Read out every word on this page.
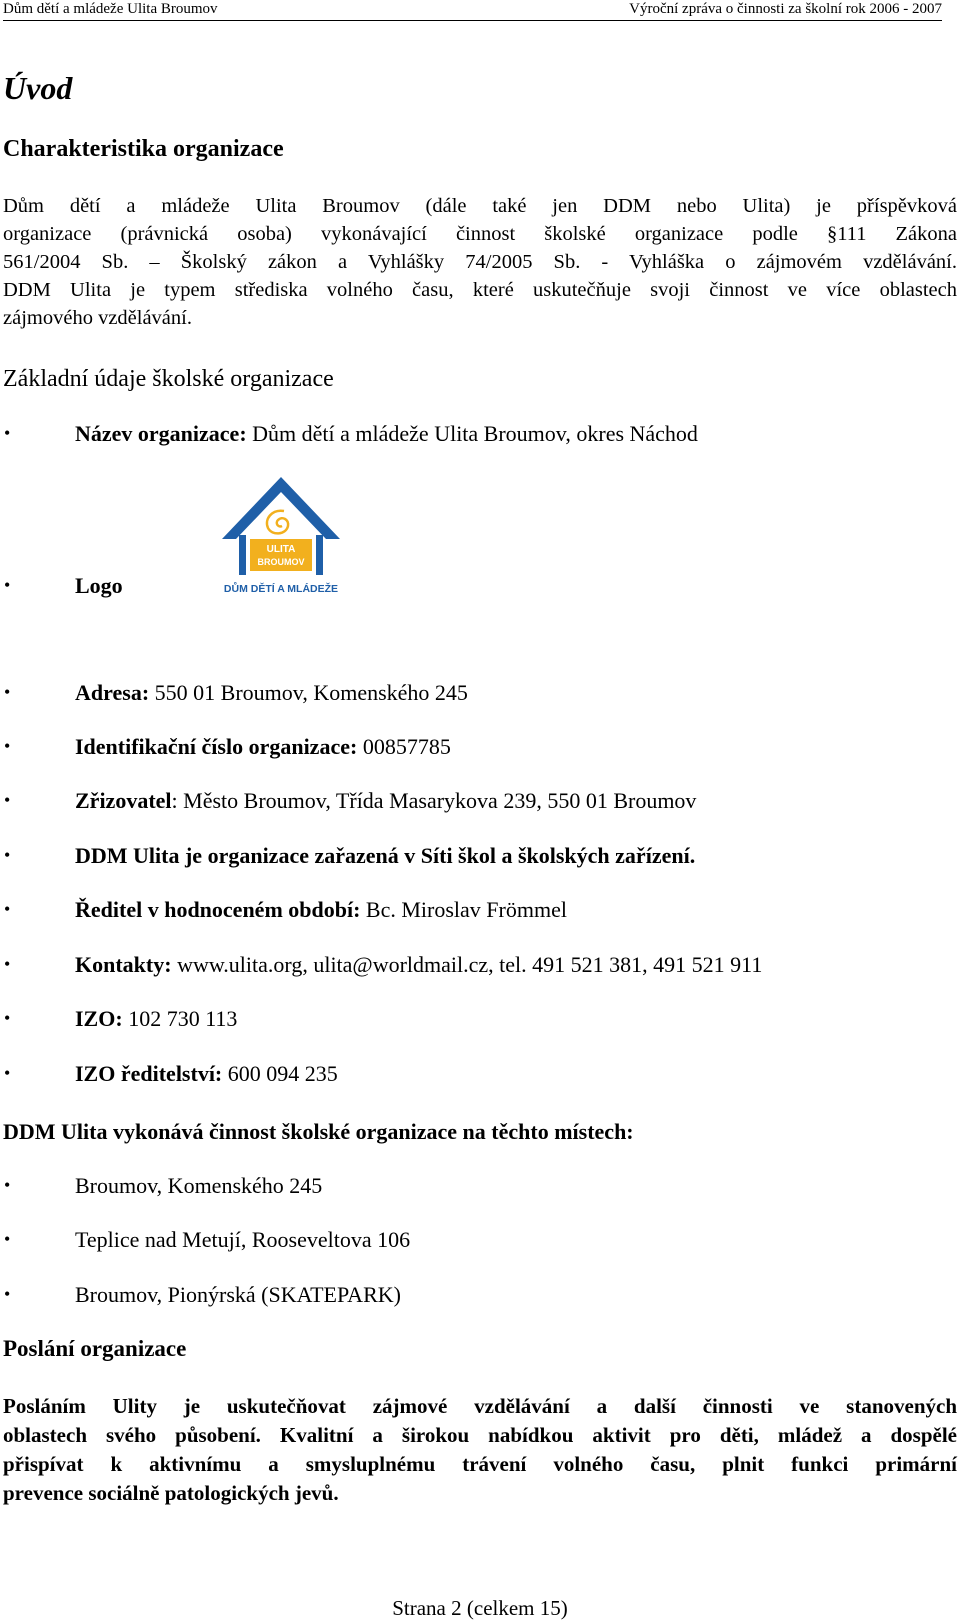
Dům dětí a mládeže Ulita Broumov	Výroční zpráva o činnosti za školní rok 2006 - 2007
Úvod
Charakteristika organizace

Dům dětí a mládeže Ulita Broumov (dále také jen DDM nebo Ulita) je příspěvková
organizace (právnická osoba) vykonávající činnost školské organizace podle §111 Zákona
561/2004 Sb. – Školský zákon a Vyhlášky 74/2005 Sb. - Vyhláška o zájmovém vzdělávání.
DDM Ulita je typem střediska volného času, které uskutečňuje svoji činnost ve více oblastech
zájmového vzdělávání.

Základní údaje školské organizace
•	Název organizace: Dům dětí a mládeže Ulita Broumov, okres Náchod
•	Logo
•	Adresa: 550 01 Broumov, Komenského 245
•	Identifikační číslo organizace: 00857785
•	Zřizovatel: Město Broumov, Třída Masarykova 239, 550 01 Broumov
•	DDM Ulita je organizace zařazená v Síti škol a školských zařízení.
•	Ředitel v hodnoceném období: Bc. Miroslav Frömmel
•	Kontakty: www.ulita.org, ulita@worldmail.cz, tel. 491 521 381, 491 521 911
•	IZO: 102 730 113
•	IZO ředitelství: 600 094 235
ULITA
BROUMOV
DŮM DĚTÍ A MLÁDEŽE
DDM Ulita vykonává činnost školské organizace na těchto místech:
•	Broumov, Komenského 245
•	Teplice nad Metují, Rooseveltova 106
•	Broumov, Pionýrská (SKATEPARK)
Poslání organizace

Posláním Ulity je uskutečňovat zájmové vzdělávání a další činnosti ve stanovených
oblastech svého působení. Kvalitní a širokou nabídkou aktivit pro děti, mládež a dospělé
přispívat k aktivnímu a smysluplnému trávení volného času, plnit funkci primární
prevence sociálně patologických jevů.

Strana 2 (celkem 15)
